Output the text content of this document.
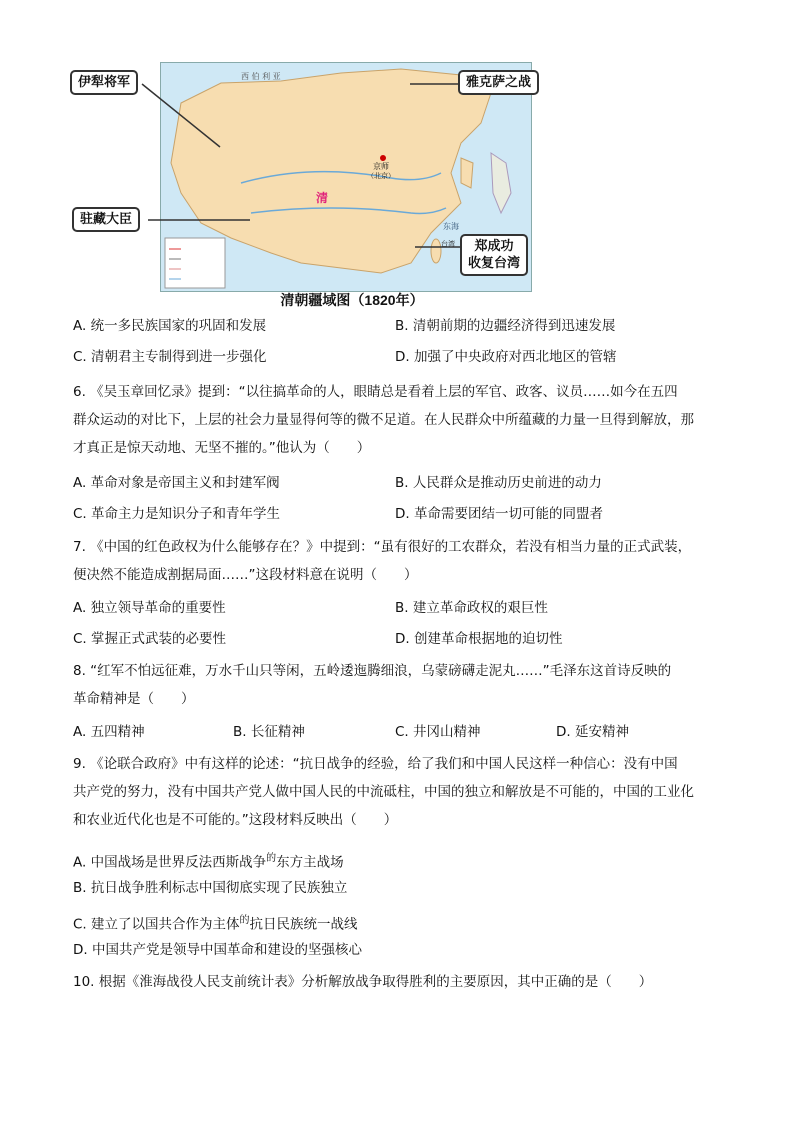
西 伯 利 亚
京师
（北京）
清
东海
台湾
伊犁将军	雅克萨之战
驻藏大臣
郑成功
收复台湾
清朝疆域图（1820年）
A. 统一多民族国家的巩固和发展	B. 清朝前期的边疆经济得到迅速发展
C. 清朝君主专制得到进一步强化	D. 加强了中央政府对西北地区的管辖
6. 《吴玉章回忆录》提到：“以往搞革命的人，眼睛总是看着上层的军官、政客、议员……如今在五四
群众运动的对比下，上层的社会力量显得何等的微不足道。在人民群众中所蕴藏的力量一旦得到解放，那
才真正是惊天动地、无坚不摧的。”他认为（　　）
A. 革命对象是帝国主义和封建军阀	B. 人民群众是推动历史前进的动力
C. 革命主力是知识分子和青年学生	D. 革命需要团结一切可能的同盟者
7. 《中国的红色政权为什么能够存在？》中提到：“虽有很好的工农群众，若没有相当力量的正式武装，
便决然不能造成割据局面……”这段材料意在说明（　　）
A. 独立领导革命的重要性	B. 建立革命政权的艰巨性
C. 掌握正式武装的必要性	D. 创建革命根据地的迫切性
8. “红军不怕远征难，万水千山只等闲，五岭逶迤腾细浪，乌蒙磅礴走泥丸……”毛泽东这首诗反映的
革命精神是（　　）
A. 五四精神	B. 长征精神	C. 井冈山精神	D. 延安精神
9. 《论联合政府》中有这样的论述：“抗日战争的经验，给了我们和中国人民这样一种信心：没有中国
共产党的努力，没有中国共产党人做中国人民的中流砥柱，中国的独立和解放是不可能的，中国的工业化
和农业近代化也是不可能的。”这段材料反映出（　　）
A. 中国战场是世界反法西斯战争$^的$东方主战场
B. 抗日战争胜利标志中国彻底实现了民族独立
C. 建立了以国共合作为主体$^的$抗日民族统一战线
D. 中国共产党是领导中国革命和建设的坚强核心
10. 根据《淮海战役人民支前统计表》分析解放战争取得胜利的主要原因，其中正确的是（　　）
